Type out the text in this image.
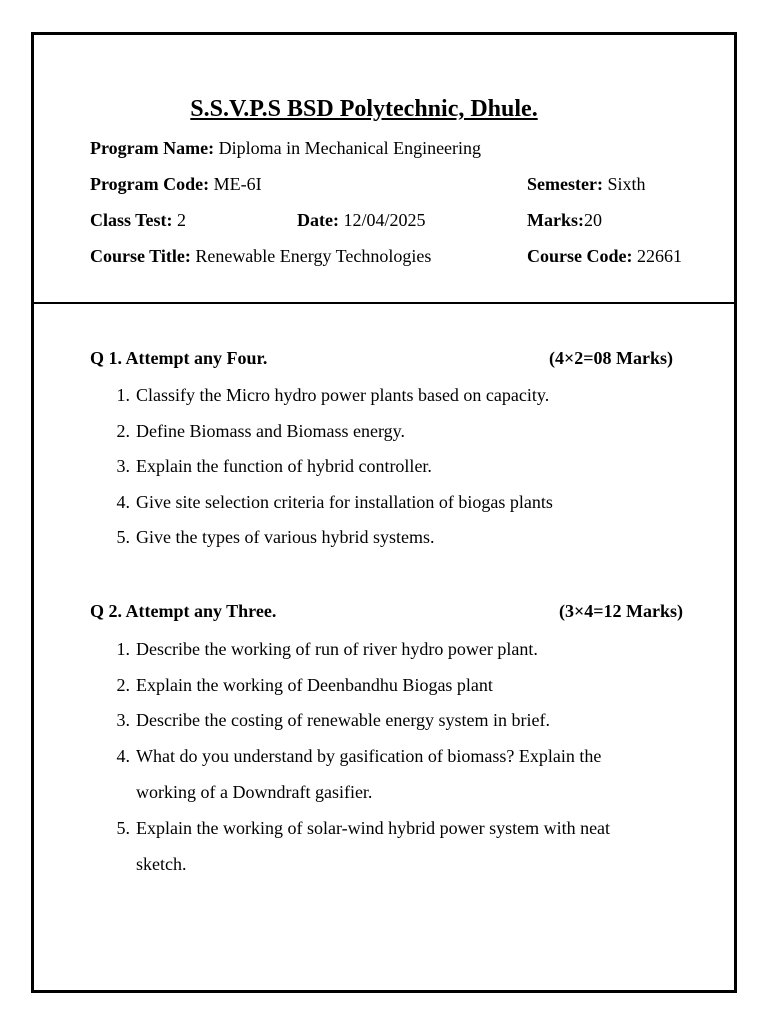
S.S.V.P.S BSD Polytechnic, Dhule.
Program Name: Diploma in Mechanical Engineering
Program Code: ME-6I	Semester: Sixth
Class Test: 2	Date: 12/04/2025	Marks:20
Course Title: Renewable Energy Technologies	Course Code: 22661
Q 1. Attempt any Four.	(4×2=08 Marks)
1. Classify the Micro hydro power plants based on capacity.
2. Define Biomass and Biomass energy.
3. Explain the function of hybrid controller.
4. Give site selection criteria for installation of biogas plants
5. Give the types of various hybrid systems.
Q 2. Attempt any Three.	(3×4=12 Marks)
1. Describe the working of run of river hydro power plant.
2. Explain the working of Deenbandhu Biogas plant
3. Describe the costing of renewable energy system in brief.
4. What do you understand by gasification of biomass? Explain the
working of a Downdraft gasifier.
5. Explain the working of solar-wind hybrid power system with neat
sketch.
